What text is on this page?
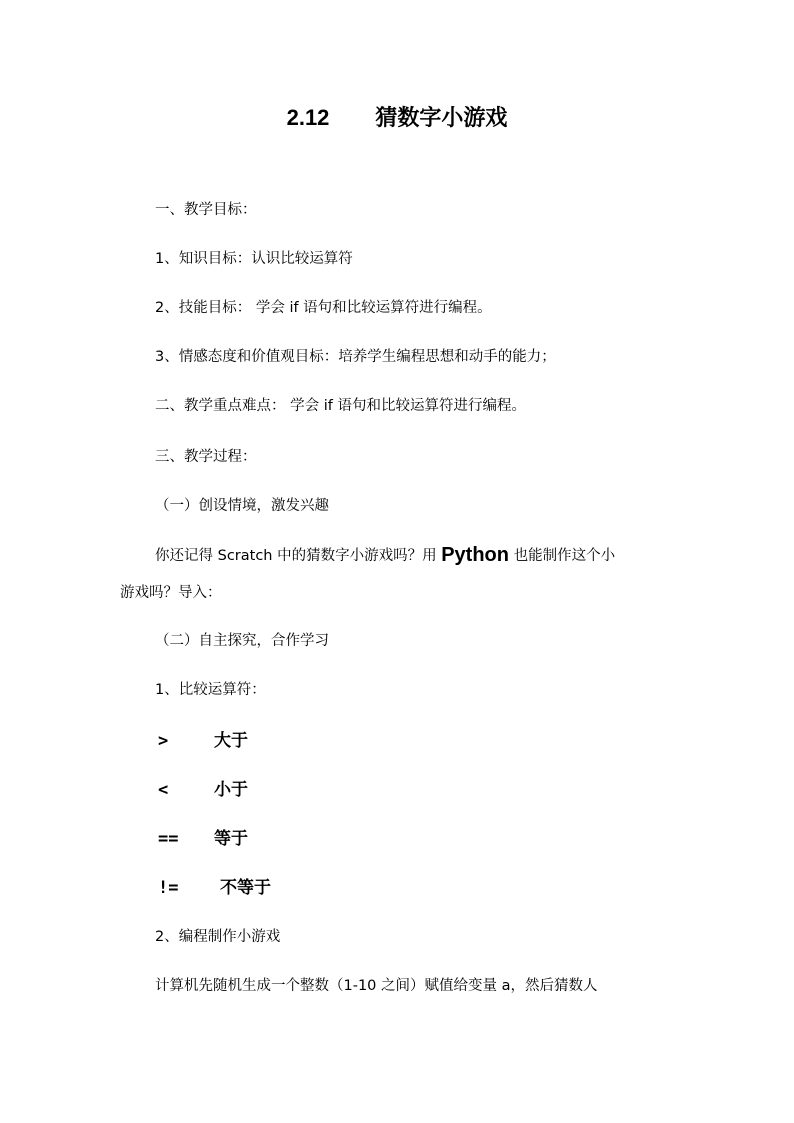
2.12 猜数字小游戏
一、教学目标：
1、知识目标：认识比较运算符
2、技能目标： 学会 if 语句和比较运算符进行编程。
3、情感态度和价值观目标：培养学生编程思想和动手的能力；
二、教学重点难点： 学会 if 语句和比较运算符进行编程。
三、教学过程：
（一）创设情境，激发兴趣
你还记得 Scratch 中的猜数字小游戏吗？用 Python 也能制作这个小
游戏吗？导入：
（二）自主探究，合作学习
1、比较运算符：
>	大于
<	小于
== 等于
!= 不等于
2、编程制作小游戏
计算机先随机生成一个整数（1-10 之间）赋值给变量 a，然后猜数人
